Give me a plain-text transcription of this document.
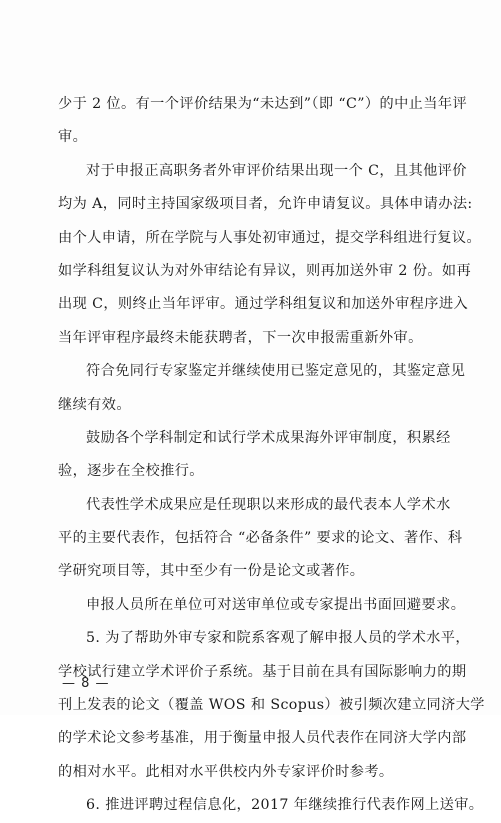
少于 2 位。有一个评价结果为“未达到”（即 “C”）的中止当年评
审。
对于申报正高职务者外审评价结果出现一个 C，且其他评价
均为 A，同时主持国家级项目者，允许申请复议。具体申请办法:
由个人申请，所在学院与人事处初审通过，提交学科组进行复议。
如学科组复议认为对外审结论有异议，则再加送外审 2 份。如再
出现 C，则终止当年评审。通过学科组复议和加送外审程序进入
当年评审程序最终未能获聘者，下一次申报需重新外审。
符合免同行专家鉴定并继续使用已鉴定意见的，其鉴定意见
继续有效。
鼓励各个学科制定和试行学术成果海外评审制度，积累经
验，逐步在全校推行。
代表性学术成果应是任现职以来形成的最代表本人学术水
平的主要代表作，包括符合 “必备条件” 要求的论文、著作、科
学研究项目等，其中至少有一份是论文或著作。
申报人员所在单位可对送审单位或专家提出书面回避要求。
5. 为了帮助外审专家和院系客观了解申报人员的学术水平，
学校试行建立学术评价子系统。基于目前在具有国际影响力的期
刊上发表的论文（覆盖 WOS 和 Scopus）被引频次建立同济大学
的学术论文参考基准，用于衡量申报人员代表作在同济大学内部
的相对水平。此相对水平供校内外专家评价时参考。
6. 推进评聘过程信息化，2017 年继续推行代表作网上送审。
— 8 —
